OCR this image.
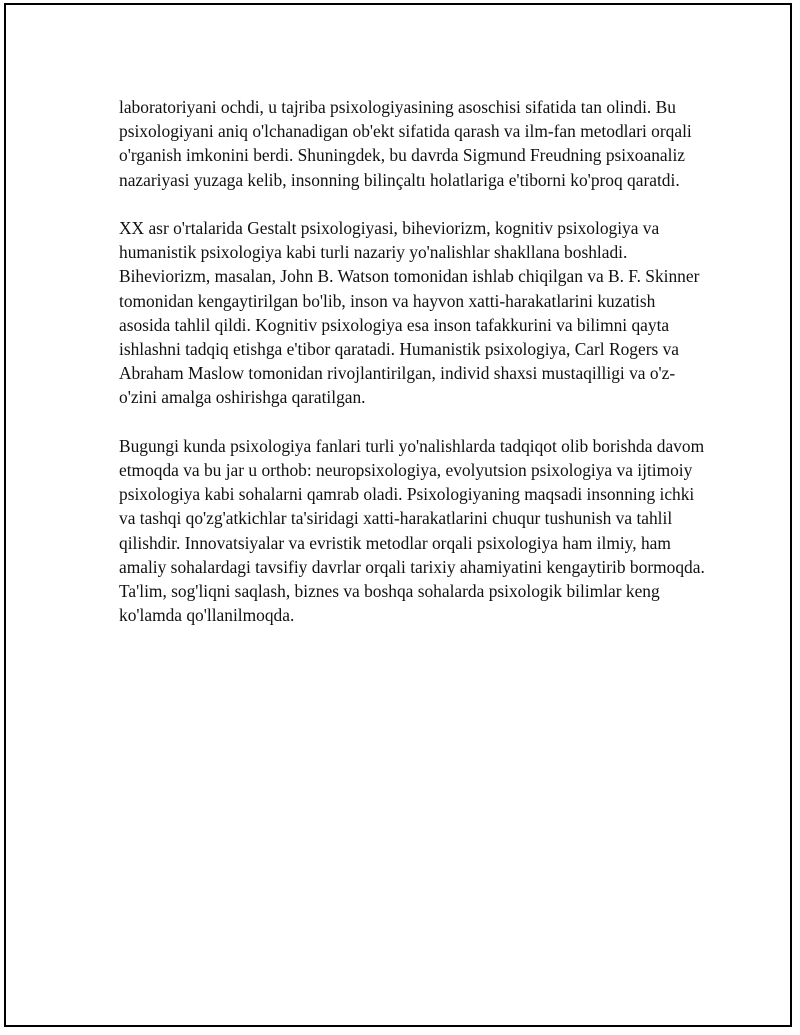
laboratoriyani ochdi, u tajriba psixologiyasining asoschisi sifatida tan olindi. Bu psixologiyani aniq o'lchanadigan ob'ekt sifatida qarash va ilm-fan metodlari orqali o'rganish imkonini berdi. Shuningdek, bu davrda Sigmund Freudning psixoanaliz nazariyasi yuzaga kelib, insonning bilinçaltı holatlariga e'tiborni ko'proq qaratdi.

XX asr o'rtalarida Gestalt psixologiyasi, biheviorizm, kognitiv psixologiya va humanistik psixologiya kabi turli nazariy yo'nalishlar shakllana boshladi. Biheviorizm, masalan, John B. Watson tomonidan ishlab chiqilgan va B. F. Skinner tomonidan kengaytirilgan bo'lib, inson va hayvon xatti-harakatlarini kuzatish asosida tahlil qildi. Kognitiv psixologiya esa inson tafakkurini va bilimni qayta ishlashni tadqiq etishga e'tibor qaratadi. Humanistik psixologiya, Carl Rogers va Abraham Maslow tomonidan rivojlantirilgan, individ shaxsi mustaqilligi va o'z-o'zini amalga oshirishga qaratilgan.

Bugungi kunda psixologiya fanlari turli yo'nalishlarda tadqiqot olib borishda davom etmoqda va bu jar u orthob: neuropsixologiya, evolyutsion psixologiya va ijtimoiy psixologiya kabi sohalarni qamrab oladi. Psixologiyaning maqsadi insonning ichki va tashqi qo'zg'atkichlar ta'siridagi xatti-harakatlarini chuqur tushunish va tahlil qilishdir. Innovatsiyalar va evristik metodlar orqali psixologiya ham ilmiy, ham amaliy sohalardagi tavsifiy davrlar orqali tarixiy ahamiyatini kengaytirib bormoqda. Ta'lim, sog'liqni saqlash, biznes va boshqa sohalarda psixologik bilimlar keng ko'lamda qo'llanilmoqda.
